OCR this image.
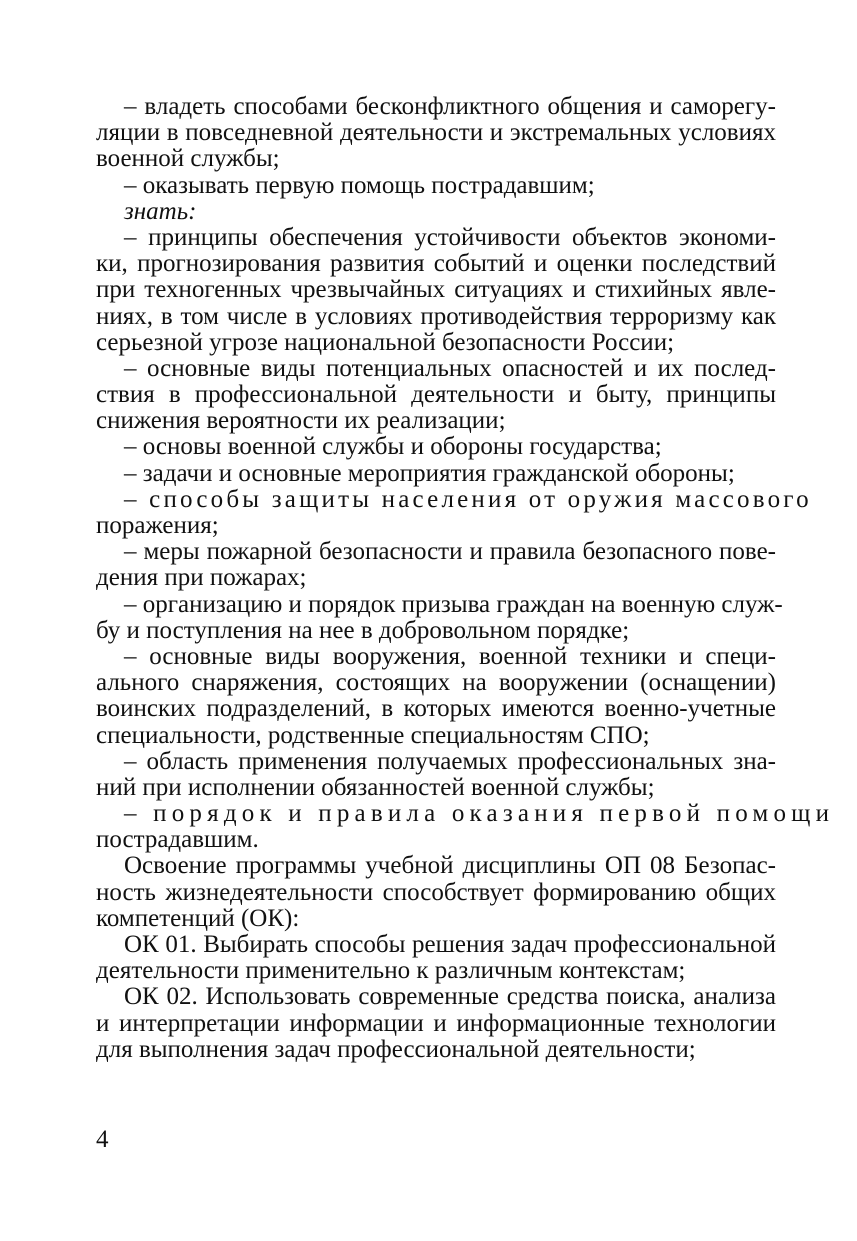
– владеть способами бесконфликтного общения и саморегу-
ляции в повседневной деятельности и экстремальных условиях
военной службы;
– оказывать первую помощь пострадавшим;
знать:
– принципы обеспечения устойчивости объектов экономи-
ки, прогнозирования развития событий и оценки последствий
при техногенных чрезвычайных ситуациях и стихийных явле-
ниях, в том числе в условиях противодействия терроризму как
серьезной угрозе национальной безопасности России;
– основные виды потенциальных опасностей и их послед-
ствия в профессиональной деятельности и быту, принципы
снижения вероятности их реализации;
– основы военной службы и обороны государства;
– задачи и основные мероприятия гражданской обороны;
– способы защиты населения от оружия массового
поражения;
– меры пожарной безопасности и правила безопасного пове-
дения при пожарах;
– организацию и порядок призыва граждан на военную служ-
бу и поступления на нее в добровольном порядке;
– основные виды вооружения, военной техники и специ-
ального снаряжения, состоящих на вооружении (оснащении)
воинских подразделений, в которых имеются военно-учетные
специальности, родственные специальностям СПО;
– область применения получаемых профессиональных зна-
ний при исполнении обязанностей военной службы;
– порядок и правила оказания первой помощи
пострадавшим.
Освоение программы учебной дисциплины ОП 08 Безопас-
ность жизнедеятельности способствует формированию общих
компетенций (ОК):
ОК 01. Выбирать способы решения задач профессиональной
деятельности применительно к различным контекстам;
ОК 02. Использовать современные средства поиска, анализа
и интерпретации информации и информационные технологии
для выполнения задач профессиональной деятельности;
4
